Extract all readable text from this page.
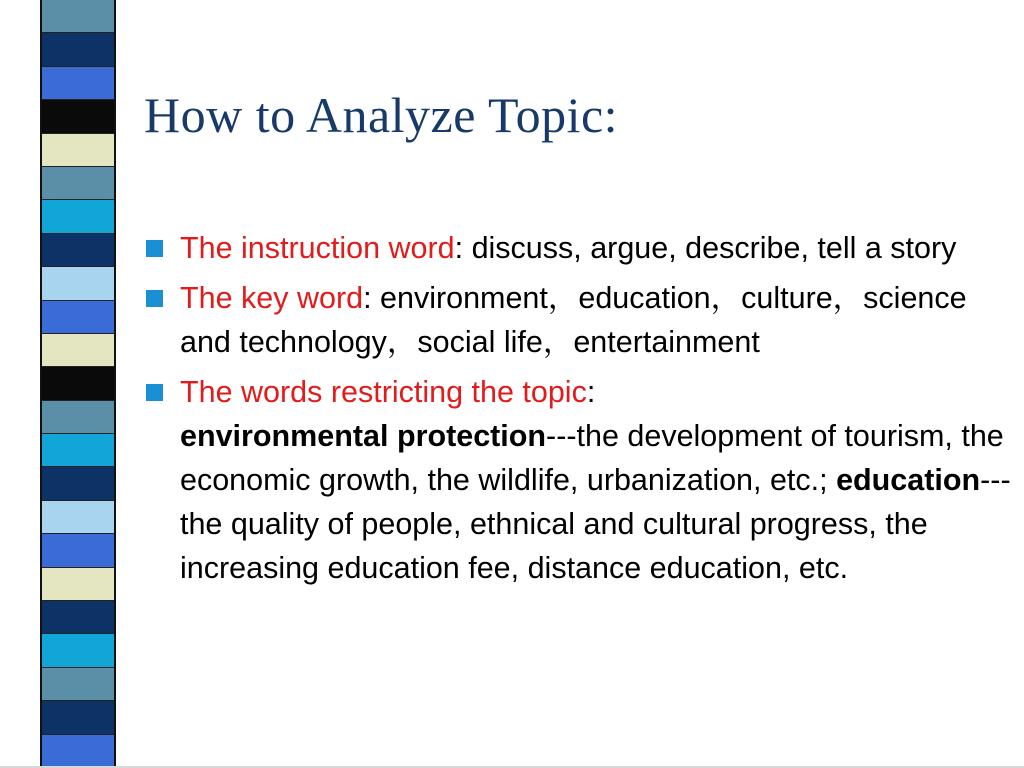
How to Analyze Topic:
The instruction word: discuss, argue, describe, tell a story
The key word: environment，education，culture，science and technology，social life，entertainment
The words restricting the topic:
environmental protection---the development of tourism, the economic growth, the wildlife, urbanization, etc.; education---the quality of people, ethnical and cultural progress, the increasing education fee, distance education, etc.
